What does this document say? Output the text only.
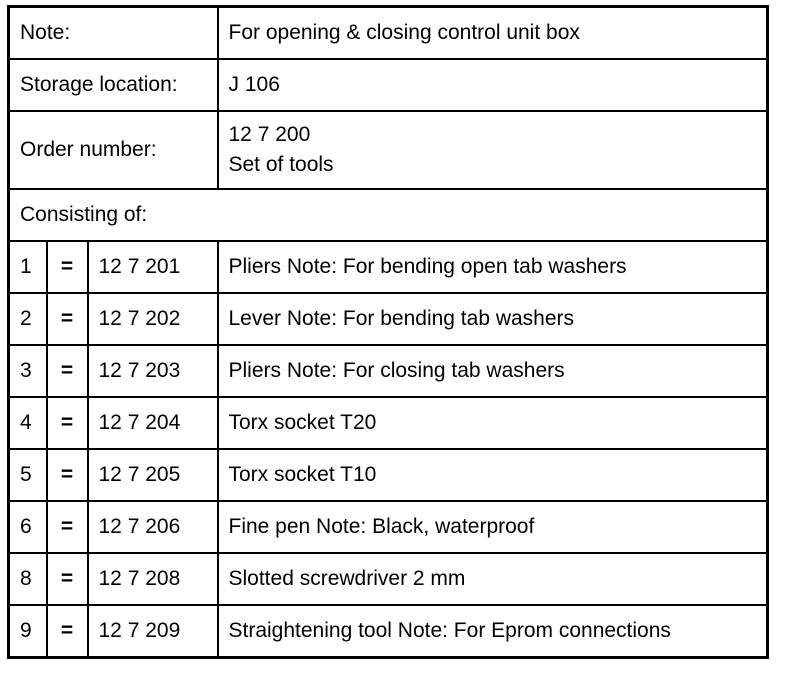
Note:			For opening & closing control unit box
Storage location:			J 106

Order number:			12 7 200
Set of tools

Consisting of:			
1	=	12 7 201	Pliers Note: For bending open tab washers
2	=	12 7 202	Lever Note: For bending tab washers
3	=	12 7 203	Pliers Note: For closing tab washers
4	=	12 7 204	Torx socket T20
5	=	12 7 205	Torx socket T10
6	=	12 7 206	Fine pen Note: Black, waterproof
8	=	12 7 208	Slotted screwdriver 2 mm
9	=	12 7 209	Straightening tool Note: For Eprom connections
